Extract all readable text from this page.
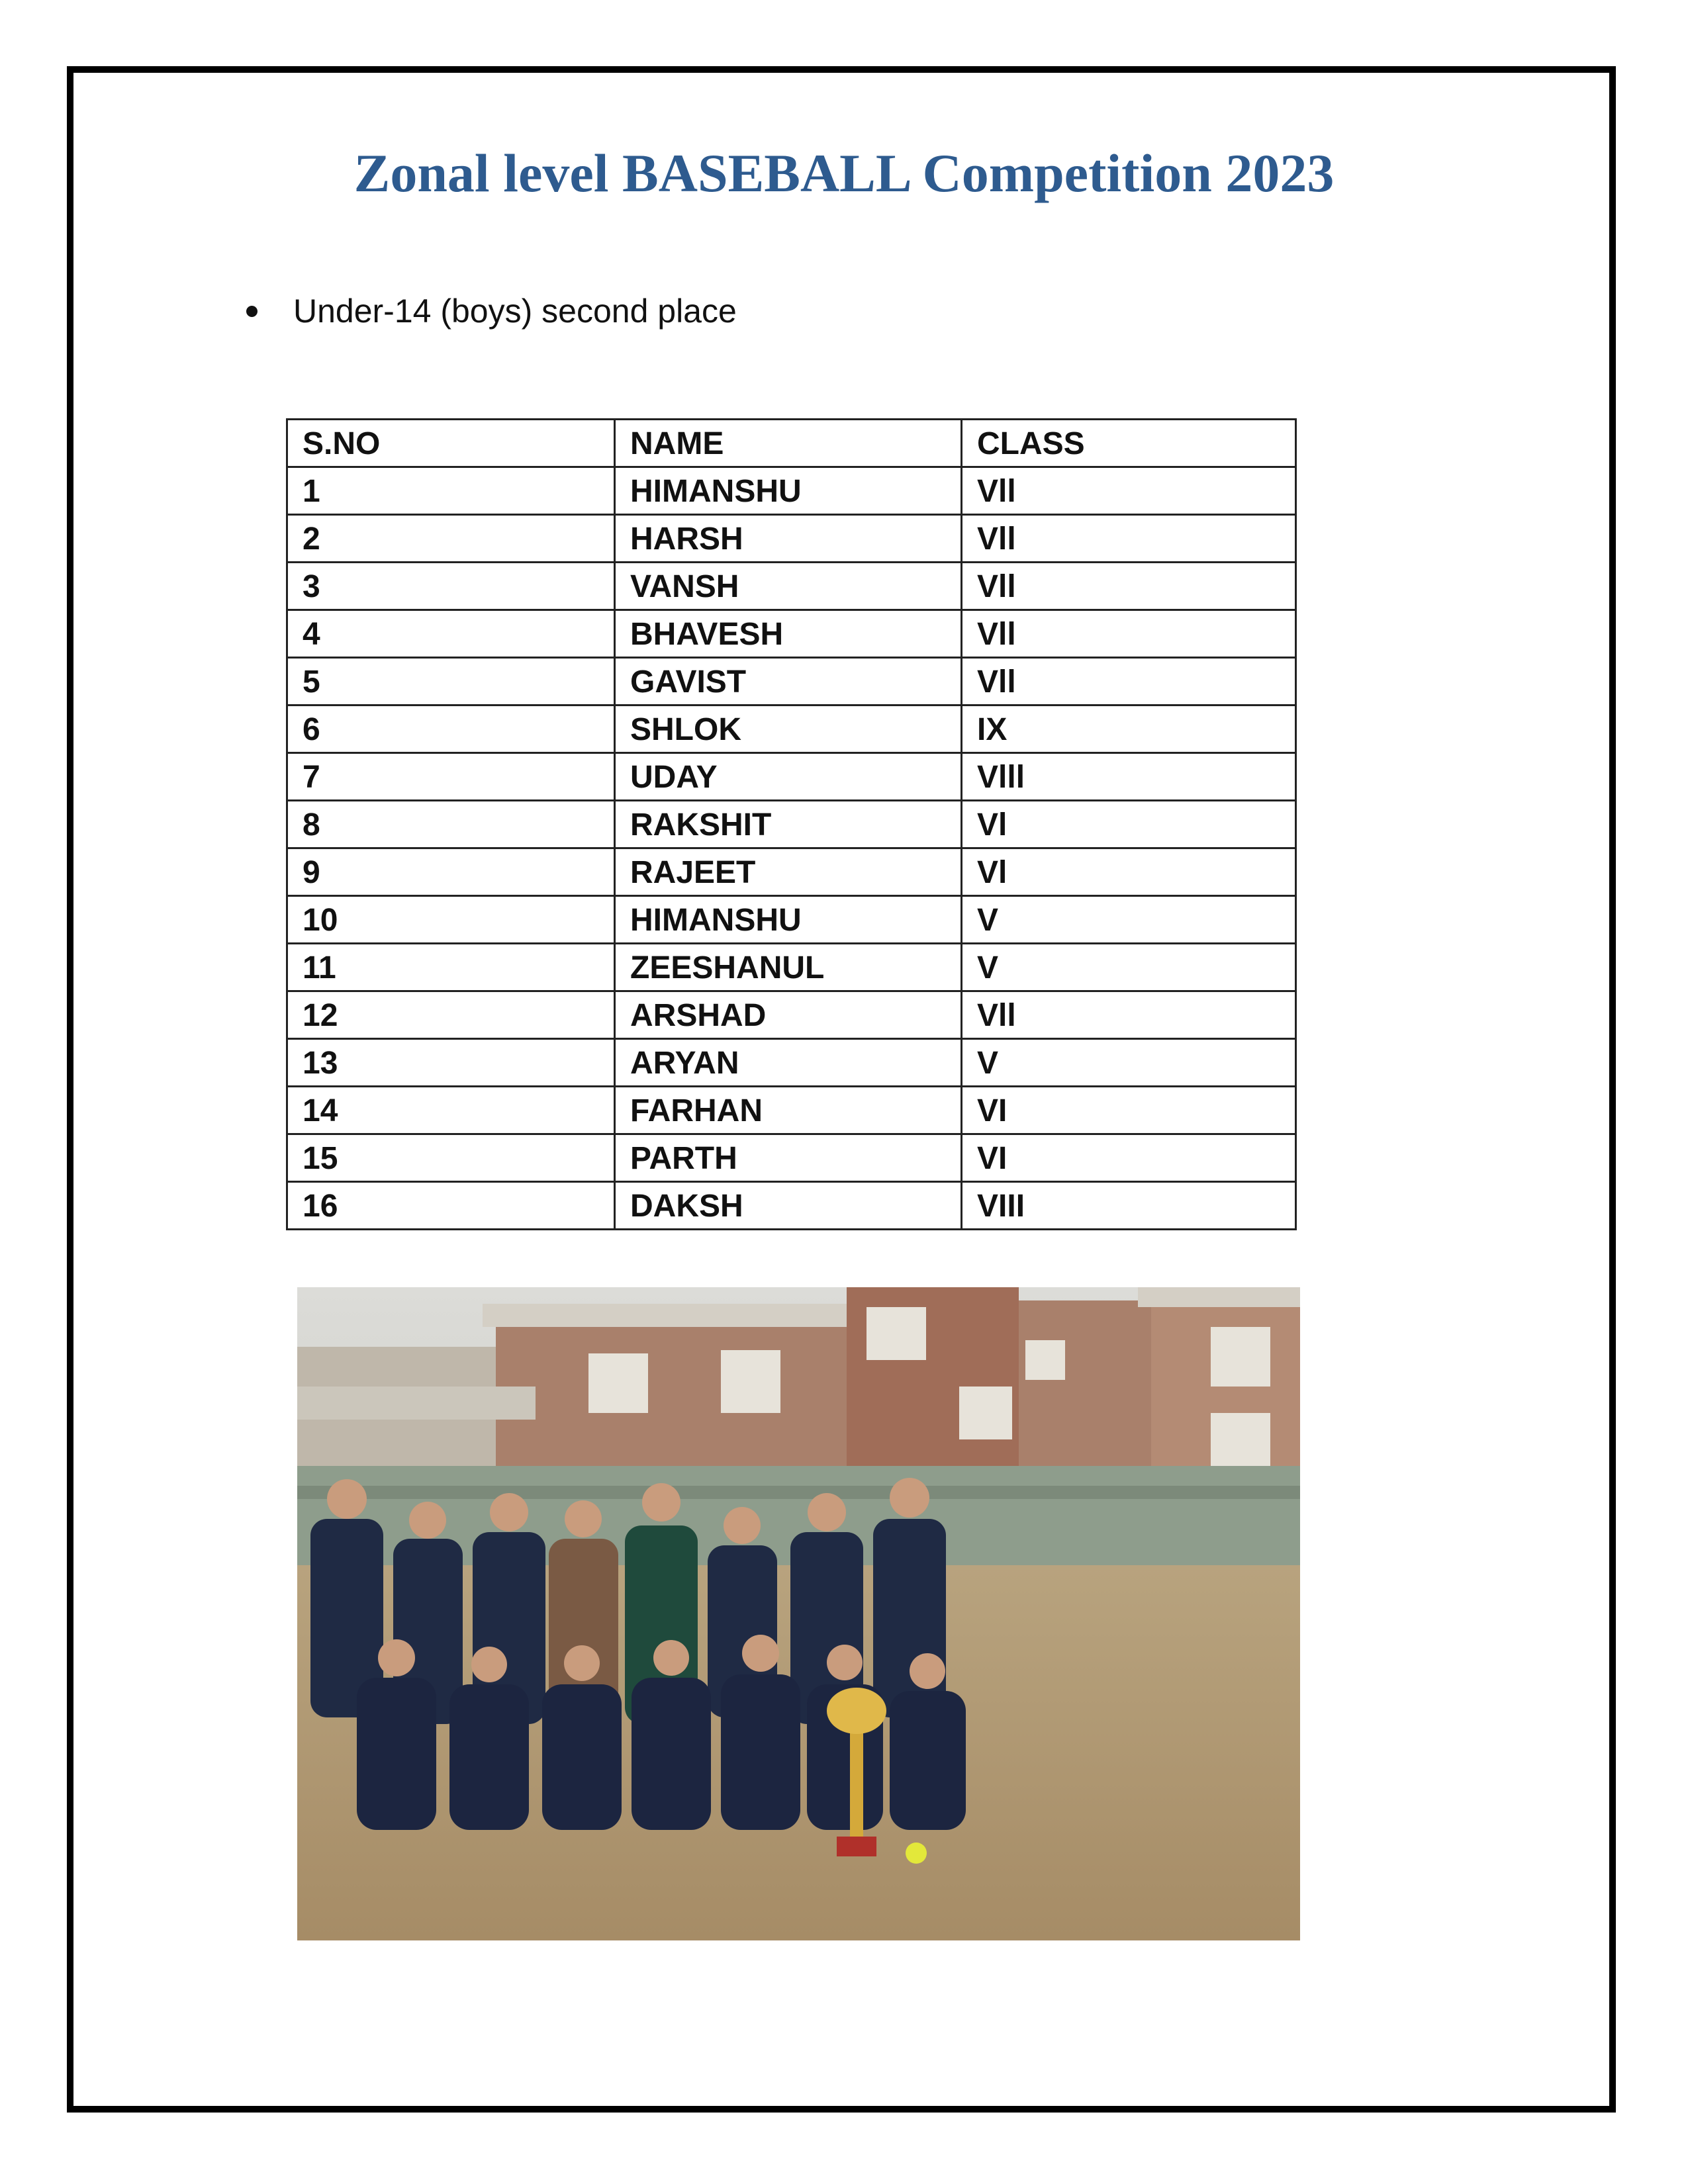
Zonal level BASEBALL Competition 2023
Under-14 (boys) second place
S.NO	NAME	CLASS
1	HIMANSHU	Vll
2	HARSH	Vll
3	VANSH	Vll
4	BHAVESH	Vll
5	GAVIST	Vll
6	SHLOK	IX
7	UDAY	Vlll
8	RAKSHIT	Vl
9	RAJEET	Vl
10	HIMANSHU	V
11	ZEESHANUL	V
12	ARSHAD	Vll
13	ARYAN	V
14	FARHAN	VI
15	PARTH	VI
16	DAKSH	VIII
